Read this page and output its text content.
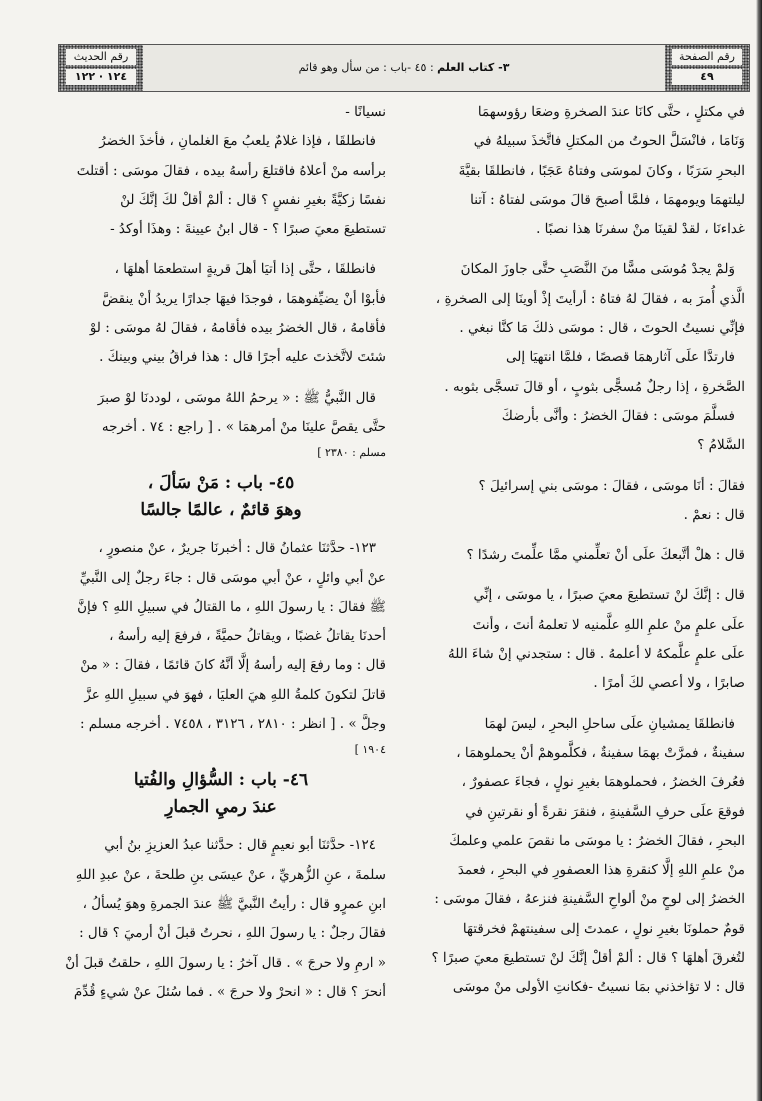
رقم الصفحة
٤٩
٣- كتاب العلم : ٤٥ -باب : من سأل وهو قائم
رقم الحديث
١٢٤ · ١٢٢

في مكتلٍ ، حتَّى كانَا عندَ الصخرةِ وضعَا رؤوسهمَا

وَنَامَا ، فانْسَلَّ الحوتُ من المكتلِ فاتَّخذَ سبيلهُ في

البحرِ سَرَبًا ، وكانَ لموسَى وفتاهُ عَجَبًا ، فانطلقَا بقيَّةَ

ليلتهمَا ويومهمَا ، فلمَّا أصبحَ قالَ موسَى لفتاهُ : آتنا

غداءنَا ، لقدْ لقينَا منْ سفرنَا هذا نصبًا .

وَلمْ يجدْ مُوسَى مسًّا منَ النَّصَبِ حتَّى جاوزَ المكانَ

الَّذي أُمرَ به ، فقالَ لهُ فتاهُ : أرأيتَ إذْ أوينَا إلى الصخرةِ ،

فإنِّي نسيتُ الحوتَ ، قال : موسَى ذلكَ مَا كنَّا نبغي .

فارتدَّا علَى آثارهمَا قصصًا ، فلمَّا انتهيَا إلى

الصَّخرةِ ، إذا رجلٌ مُسجًّى بثوبٍ ، أو قالَ تسجَّى بثوبه .

فسلَّمَ موسَى : فقالَ الخضرُ : وأنَّى بأرضكَ

السَّلامُ ؟

فقالَ : أنَا موسَى ، فقالَ : موسَى بني إسرائيلَ ؟

قال : نعمْ .

قال : هلْ أتَّبعكَ علَى أنْ تعلِّمني ممَّا علِّمتَ رشدًا ؟

قال : إنَّكَ لنْ تستطيعَ معيَ صبرًا ، يا موسَى ، إنِّي

علَى علمٍ منْ علمِ اللهِ علَّمنيه لا تعلمهُ أنتَ ، وأنتَ

علَى علمٍ علَّمكهُ لا أعلمهُ . قال : ستجدني إنْ شاءَ اللهُ

صابرًا ، ولا أعصي لكَ أمرًا .

فانطلقَا يمشيانِ علَى ساحلِ البحرِ ، ليسَ لهمَا

سفينةٌ ، فمرَّتْ بهمَا سفينةٌ ، فكلَّموهمْ أنْ يحملوهمَا ،

فعُرفَ الخضرُ ، فحملوهمَا بغيرِ نولٍ ، فجاءَ عصفورٌ ،

فوقعَ علَى حرفِ السَّفينةِ ، فنقرَ نقرةً أو نقرتينِ في

البحرِ ، فقالَ الخضرُ : يا موسَى ما نقصَ علمي وعلمكَ

منْ علمِ اللهِ إلَّا كنقرةِ هذا العصفورِ في البحرِ ، فعمدَ

الخضرُ إلى لوحٍ منْ ألواحِ السَّفينةِ فنزعهُ ، فقالَ موسَى :

قومٌ حملونَا بغيرِ نولٍ ، عمدتَ إلى سفينتهمْ فخرقتهَا

لتُغرقَ أهلهَا ؟ قال : ألمْ أقلْ إنَّكَ لنْ تستطيعَ معيَ صبرًا ؟

قال : لا تؤاخذني بمَا نسيتُ -فكانتِ الأولى منْ موسَى

نسيانًا -

فانطلقَا ، فإذا غلامٌ يلعبُ معَ الغلمانِ ، فأخذَ الخضرُ

برأسه منْ أعلاهُ فاقتلعَ رأسهُ بيده ، فقالَ موسَى : أقتلتَ

نفسًا زكيَّةً بغيرِ نفسٍ ؟ قال : ألمْ أقلْ لكَ إنَّكَ لنْ

تستطيعَ معيَ صبرًا ؟ - قال ابنُ عيينةَ : وهذَا أوكدُ -

فانطلقَا ، حتَّى إذا أتيَا أهلَ قريةٍ استطعمَا أهلهَا ،

فأبوْا أنْ يضيِّفوهمَا ، فوجدَا فيهَا جدارًا يريدُ أنْ ينقضَّ

فأقامهُ ، قال الخضرُ بيده فأقامهُ ، فقالَ لهُ موسَى : لوْ

شئتَ لاتَّخذتَ عليه أجرًا قال : هذا فراقُ بيني وبينكَ .

قال النَّبيُّ ﷺ : « يرحمُ اللهُ موسَى ، لوددنَا لوْ صبرَ

حتَّى يقصَّ علينَا منْ أمرهمَا » . [ راجع : ٧٤ . أخرجه

مسلم : ٢٣٨٠ ]

٤٥- باب : مَنْ سَألَ ،
وهوَ قائمٌ ، عالمًا جالسًا

١٢٣- حدَّثنَا عثمانُ قال : أخبرنَا جريرٌ ، عنْ منصورٍ ،

عنْ أبي وائلٍ ، عنْ أبي موسَى قال : جاءَ رجلٌ إلى النَّبيِّ

ﷺ فقالَ : يا رسولَ اللهِ ، ما القتالُ في سبيلِ اللهِ ؟ فإنَّ

أحدنَا يقاتلُ غضبًا ، ويقاتلُ حميَّةً ، فرفعَ إليه رأسهُ ،

قال : وما رفعَ إليه رأسهُ إلَّا أنَّهُ كانَ قائمًا ، فقالَ : « منْ

قاتلَ لتكونَ كلمةُ اللهِ هيَ العليَا ، فهوَ في سبيلِ اللهِ عزَّ

وجلَّ » . [ انظر : ٢٨١٠ ، ٣١٢٦ ، ٧٤٥٨ . أخرجه مسلم :

١٩٠٤ ]

٤٦- باب : السُّؤالِ والفُتيا
عندَ رميِ الجمارِ

١٢٤- حدَّثنَا أبو نعيمٍ قال : حدَّثنا عبدُ العزيزِ بنُ أبي

سلمةَ ، عنِ الزُّهريِّ ، عنْ عيسَى بنِ طلحةَ ، عنْ عبدِ اللهِ

ابنِ عمرٍو قال : رأيتُ النَّبيَّ ﷺ عندَ الجمرةِ وهوَ يُسألُ ،

فقالَ رجلٌ : يا رسولَ اللهِ ، نحرتُ قبلَ أنْ أرميَ ؟ قال :

« ارمِ ولا حرجَ » . قال آخرُ : يا رسولَ اللهِ ، حلقتُ قبلَ أنْ

أنحرَ ؟ قال : « انحرْ ولا حرجَ » . فما سُئلَ عنْ شيءٍ قُدِّمَ
